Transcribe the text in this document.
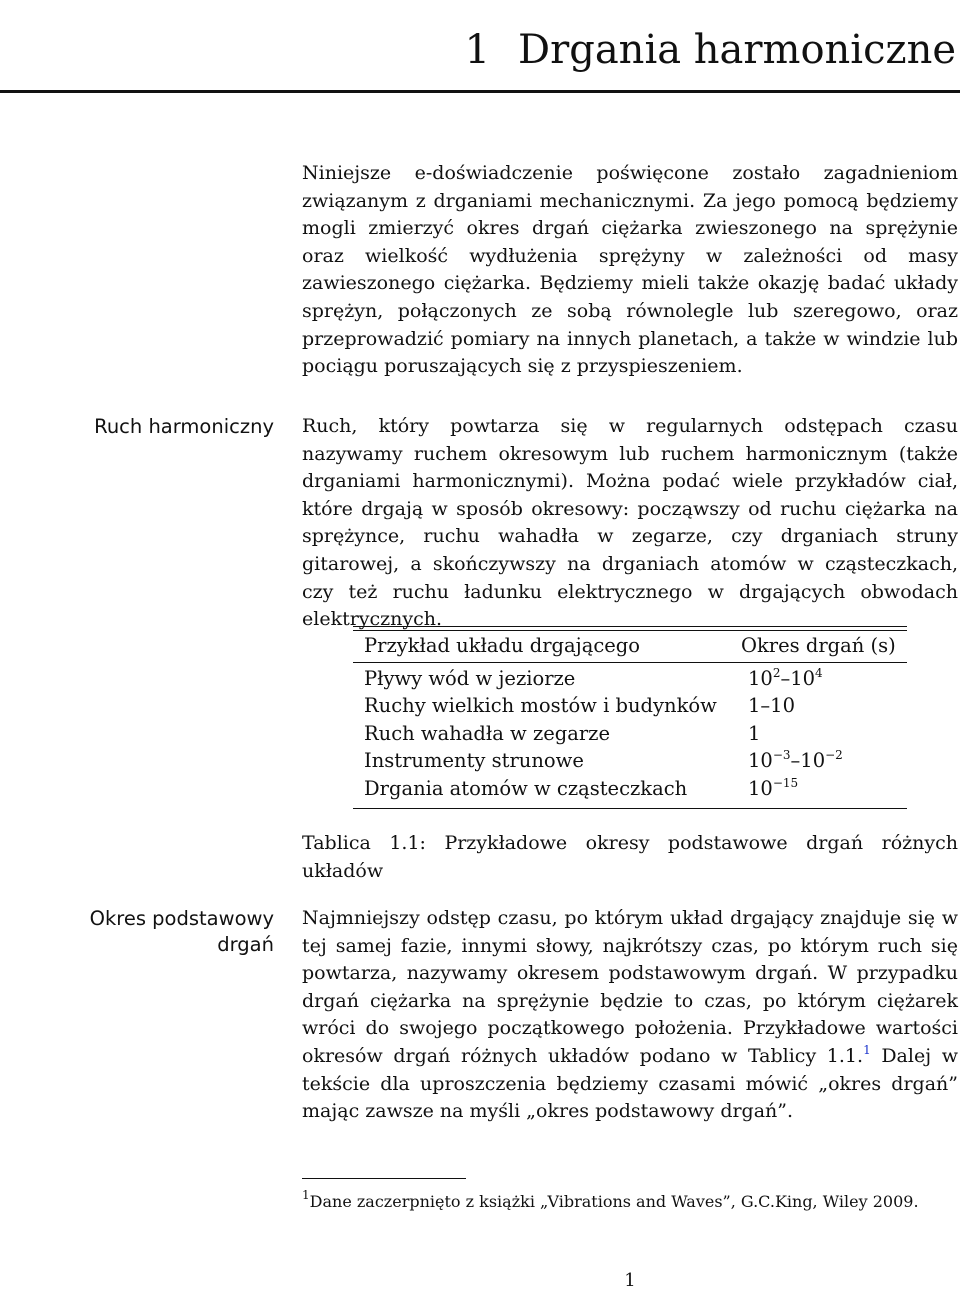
1 Drgania harmoniczne
Niniejsze e-doświadczenie poświęcone zostało zagadnieniom związanym z drganiami mechanicznymi. Za jego pomocą będziemy mogli zmierzyć okres drgań ciężarka zwieszonego na sprężynie oraz wielkość wydłużenia sprężyny w zależności od masy zawieszonego ciężarka. Będziemy mieli także okazję badać układy sprężyn, połączonych ze sobą równolegle lub szeregowo, oraz przeprowadzić pomiary na innych planetach, a także w windzie lub pociągu poruszających się z przyspieszeniem.
Ruch harmoniczny Ruch, który powtarza się w regularnych odstępach czasu nazywamy ruchem okresowym lub ruchem harmonicznym (także drganiami harmonicznymi). Można podać wiele przykładów ciał, które drgają w sposób okresowy: począwszy od ruchu ciężarka na sprężynce, ruchu wahadła w zegarze, czy drganiach struny gitarowej, a skończywszy na drganiach atomów w cząsteczkach, czy też ruchu ładunku elektrycznego w drgających obwodach elektrycznych.
Przykład układu drgającego	Okres drgań (s)
Pływy wód w jeziorze	$10^2-10^4$
Ruchy wielkich mostów i budynków 1–10
Ruch wahadła w zegarze	1
Instrumenty strunowe	$10^{-3}-10^{-2}$
Drgania atomów w cząsteczkach	$10^{-15}$
Tablica 1.1: Przykładowe okresy podstawowe drgań różnych układów
Okres podstawowy
drgań
Najmniejszy odstęp czasu, po którym układ drgający znajduje się w tej samej fazie, innymi słowy, najkrótszy czas, po którym ruch się powtarza, nazywamy okresem podstawowym drgań. W przypadku drgań ciężarka na sprężynie będzie to czas, po którym ciężarek wróci do swojego początkowego położenia. Przykładowe wartości okresów drgań różnych układów podano w Tablicy 1.1.$^1$ Dalej w tekście dla uproszczenia będziemy czasami mówić „okres drgań” mając zawsze na myśli „okres podstawowy drgań”.
$^1$Dane zaczerpnięto z książki „Vibrations and Waves”, G.C.King, Wiley 2009.
1
